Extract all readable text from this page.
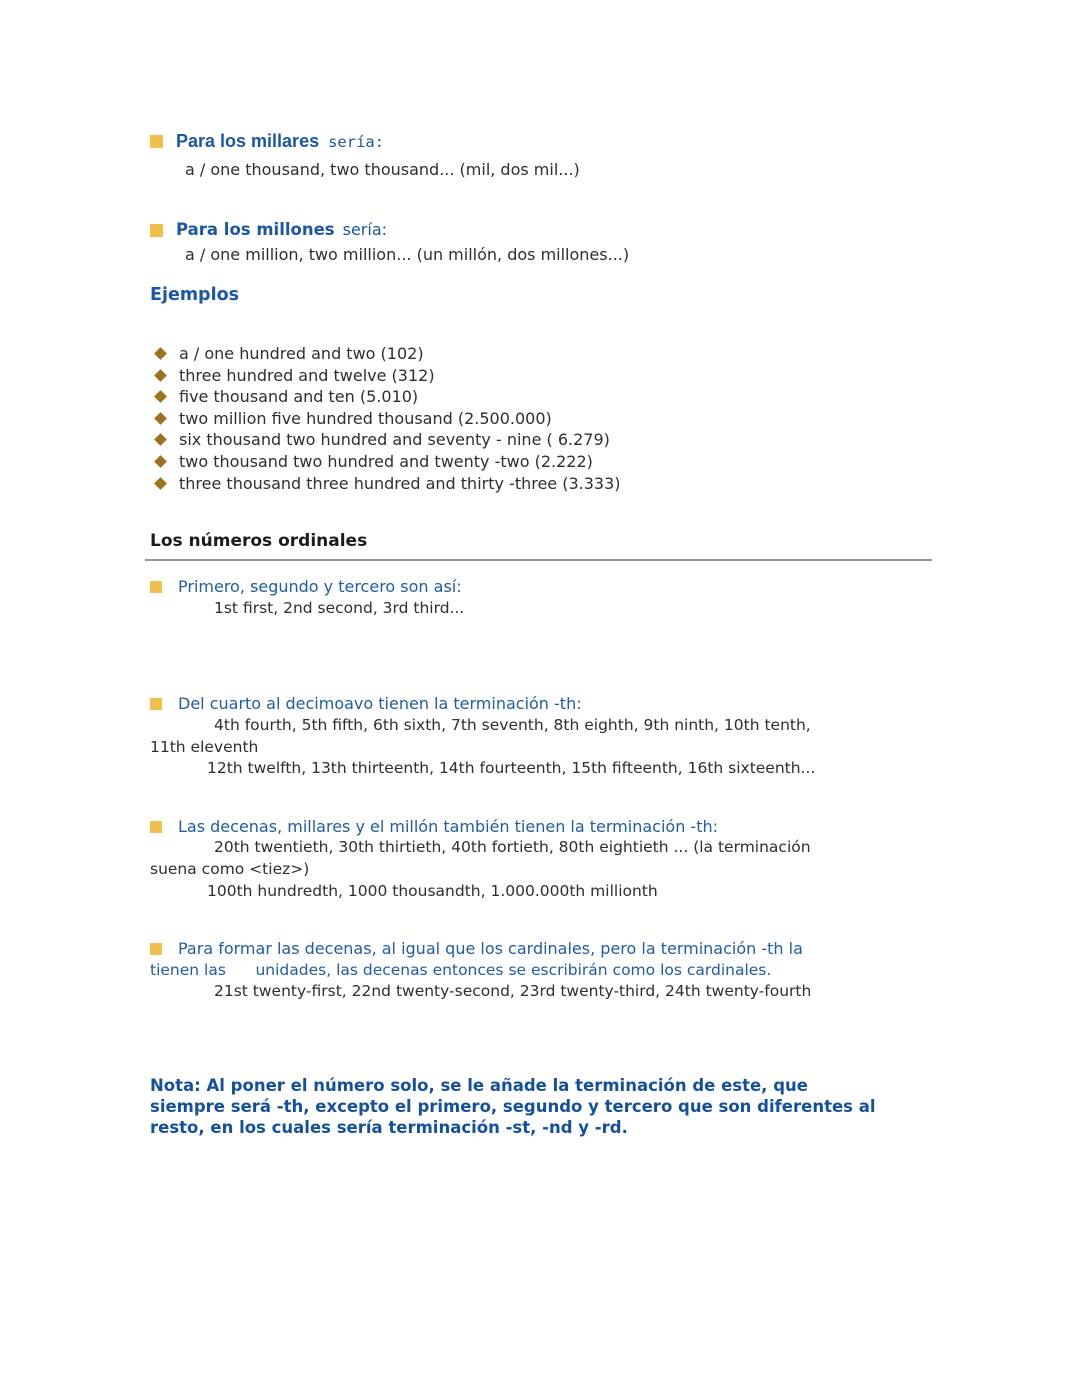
Para los millares sería:
a / one thousand, two thousand... (mil, dos mil...)
Para los millones sería:
a / one million, two million... (un millón, dos millones...)
Ejemplos
a / one hundred and two (102)
three hundred and twelve (312)
five thousand and ten (5.010)
two million five hundred thousand (2.500.000)
six thousand two hundred and seventy - nine ( 6.279)
two thousand two hundred and twenty -two (2.222)
three thousand three hundred and thirty -three (3.333)
Los números ordinales
Primero, segundo y tercero son así:
1st first, 2nd second, 3rd third...
Del cuarto al decimoavo tienen la terminación -th:
4th fourth, 5th fifth, 6th sixth, 7th seventh, 8th eighth, 9th ninth, 10th tenth,
11th eleventh
12th twelfth, 13th thirteenth, 14th fourteenth, 15th fifteenth, 16th sixteenth...
Las decenas, millares y el millón también tienen la terminación -th:
20th twentieth, 30th thirtieth, 40th fortieth, 80th eightieth ... (la terminación
suena como <tiez>)
100th hundredth, 1000 thousandth, 1.000.000th millionth
Para formar las decenas, al igual que los cardinales, pero la terminación -th la
tienen las      unidades, las decenas entonces se escribirán como los cardinales.
21st twenty-first, 22nd twenty-second, 23rd twenty-third, 24th twenty-fourth
Nota: Al poner el número solo, se le añade la terminación de este, que
siempre será -th, excepto el primero, segundo y tercero que son diferentes al
resto, en los cuales sería terminación -st, -nd y -rd.
